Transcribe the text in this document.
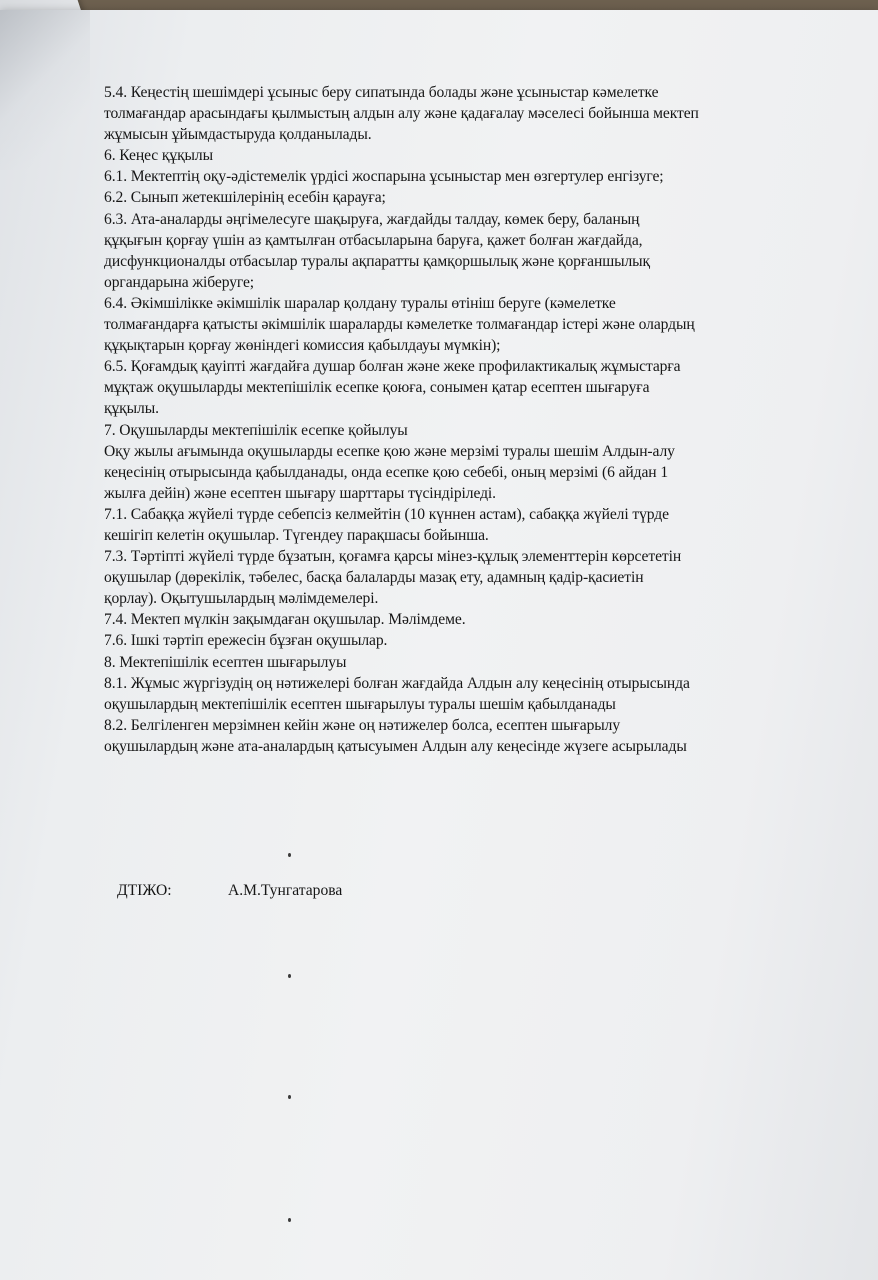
5.4. Кеңестің шешімдері ұсыныс беру сипатында болады және ұсыныстар кәмелетке

толмағандар арасындағы қылмыстың алдын алу және қадағалау мәселесі бойынша мектеп

жұмысын ұйымдастыруда қолданылады.

6. Кеңес құқылы

6.1. Мектептің оқу-әдістемелік үрдісі жоспарына ұсыныстар мен өзгертулер енгізуге;

6.2. Сынып жетекшілерінің есебін қарауға;

6.3. Ата-аналарды әңгімелесуге шақыруға, жағдайды талдау, көмек беру, баланың

құқығын қорғау үшін аз қамтылған отбасыларына баруға, қажет болған жағдайда,

дисфункционалды отбасылар туралы ақпаратты қамқоршылық және қорғаншылық

органдарына жіберуге;

6.4. Әкімшілікке әкімшілік шаралар қолдану туралы өтініш беруге (кәмелетке

толмағандарға қатысты әкімшілік шараларды кәмелетке толмағандар істері және олардың

құқықтарын қорғау жөніндегі комиссия қабылдауы мүмкін);

6.5. Қоғамдық қауіпті жағдайға душар болған және жеке профилактикалық жұмыстарға

мұқтаж оқушыларды мектепішілік есепке қоюға, сонымен қатар есептен шығаруға

құқылы.

7. Оқушыларды мектепішілік есепке қойылуы

Оқу жылы ағымында оқушыларды есепке қою және мерзімі туралы шешім Алдын-алу

кеңесінің отырысында қабылданады, онда есепке қою себебі, оның мерзімі (6 айдан 1

жылға дейін) және есептен шығару шарттары түсіндіріледі.

7.1. Сабаққа жүйелі түрде себепсіз келмейтін (10 күннен астам), сабаққа жүйелі түрде

кешігіп келетін оқушылар. Түгендеу парақшасы бойынша.

7.3. Тәртіпті жүйелі түрде бұзатын, қоғамға қарсы мінез-құлық элементтерін көрсететін

оқушылар (дөрекілік, тәбелес, басқа балаларды мазақ ету, адамның қадір-қасиетін

қорлау). Оқытушылардың мәлімдемелері.

7.4. Мектеп мүлкін зақымдаған оқушылар. Мәлімдеме.

7.6. Ішкі тәртіп ережесін бұзған оқушылар.

8. Мектепішілік есептен шығарылуы

8.1. Жұмыс жүргізудің оң нәтижелері болған жағдайда Алдын алу кеңесінің отырысында

оқушылардың мектепішілік есептен шығарылуы туралы шешім қабылданады

8.2. Белгіленген мерзімнен кейін және оң нәтижелер болса, есептен шығарылу

оқушылардың және ата-аналардың қатысуымен Алдын алу кеңесінде жүзеге асырылады

ДТІЖО:	А.М.Тунгатарова
